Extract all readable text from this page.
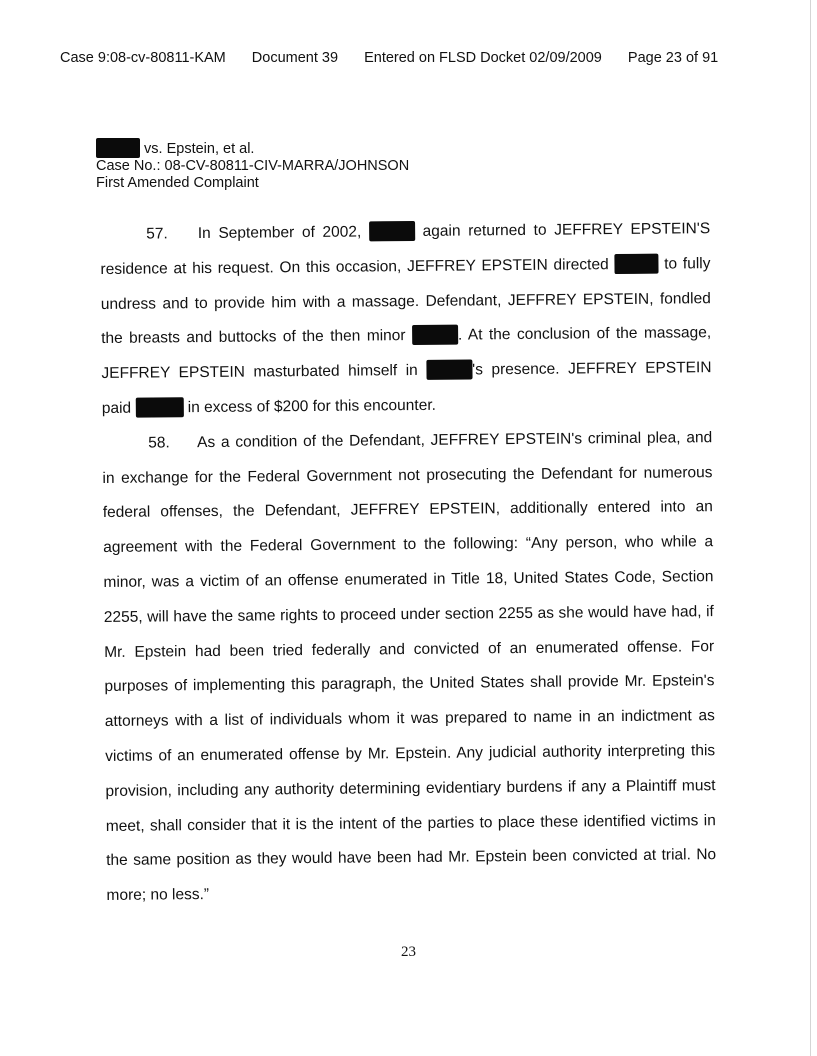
Case 9:08-cv-80811-KAM Document 39 Entered on FLSD Docket 02/09/2009 Page 23 of 91
vs. Epstein, et al.
Case No.: 08-CV-80811-CIV-MARRA/JOHNSON
First Amended Complaint

57. In September of 2002,	again returned to JEFFREY EPSTEIN'S residence at his request. On this occasion, JEFFREY EPSTEIN directed	to fully undress and to provide him with a massage. Defendant, JEFFREY EPSTEIN, fondled the breasts and buttocks of the then minor	. At the conclusion of the massage, JEFFREY EPSTEIN masturbated himself in	's presence. JEFFREY EPSTEIN paid	in excess of $200 for this encounter.

58. As a condition of the Defendant, JEFFREY EPSTEIN's criminal plea, and in exchange for the Federal Government not prosecuting the Defendant for numerous federal offenses, the Defendant, JEFFREY EPSTEIN, additionally entered into an agreement with the Federal Government to the following: “Any person, who while a minor, was a victim of an offense enumerated in Title 18, United States Code, Section 2255, will have the same rights to proceed under section 2255 as she would have had, if Mr. Epstein had been tried federally and convicted of an enumerated offense. For purposes of implementing this paragraph, the United States shall provide Mr. Epstein's attorneys with a list of individuals whom it was prepared to name in an indictment as victims of an enumerated offense by Mr. Epstein. Any judicial authority interpreting this provision, including any authority determining evidentiary burdens if any a Plaintiff must meet, shall consider that it is the intent of the parties to place these identified victims in the same position as they would have been had Mr. Epstein been convicted at trial. No more; no less.”

23
